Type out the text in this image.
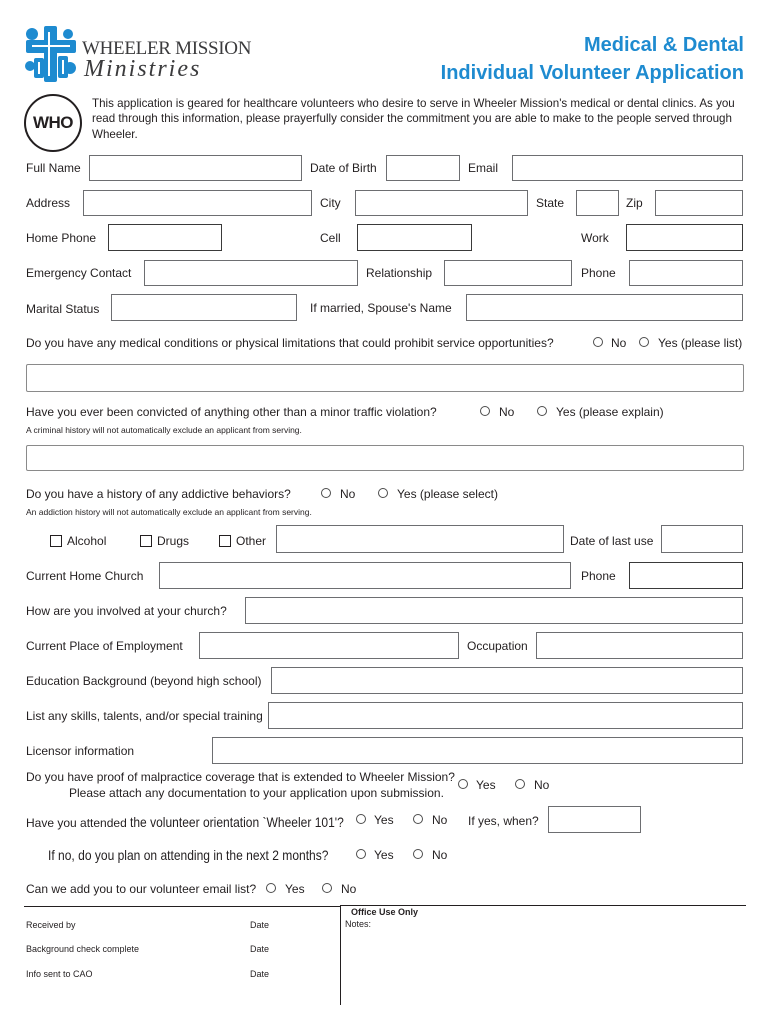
WHEELER MISSION
Ministries
Medical & Dental
Individual Volunteer Application
WHO
This application is geared for healthcare volunteers who desire to serve in Wheeler Mission's medical or dental clinics. As you read through this information, please prayerfully consider the commitment you are able to make to the people served through Wheeler.
Full Name	Date of Birth	Email
Address	City	State	Zip
Home Phone	Cell	Work
Emergency Contact	Relationship	Phone
Marital Status	If married, Spouse's Name
Do you have any medical conditions or physical limitations that could prohibit service opportunities?	No	Yes (please list)
Have you ever been convicted of anything other than a minor traffic violation?	No	Yes (please explain)
A criminal history will not automatically exclude an applicant from serving.
Do you have a history of any addictive behaviors?	No	Yes (please select)
An addiction history will not automatically exclude an applicant from serving.
Alcohol	Drugs	Other	Date of last use
Current Home Church	Phone
How are you involved at your church?
Current Place of Employment	Occupation
Education Background (beyond high school)
List any skills, talents, and/or special training
Licensor information
Do you have proof of malpractice coverage that is extended to Wheeler Mission?
Please attach any documentation to your application upon submission.
Yes	No
Have you attended the volunteer orientation `Wheeler 101'?	Yes	No If yes, when?
If no, do you plan on attending in the next 2 months?	Yes	No
Can we add you to our volunteer email list? Yes	No
Received by	Date
Background check complete	Date
Info sent to CAO	Date
Office Use Only
Notes:
